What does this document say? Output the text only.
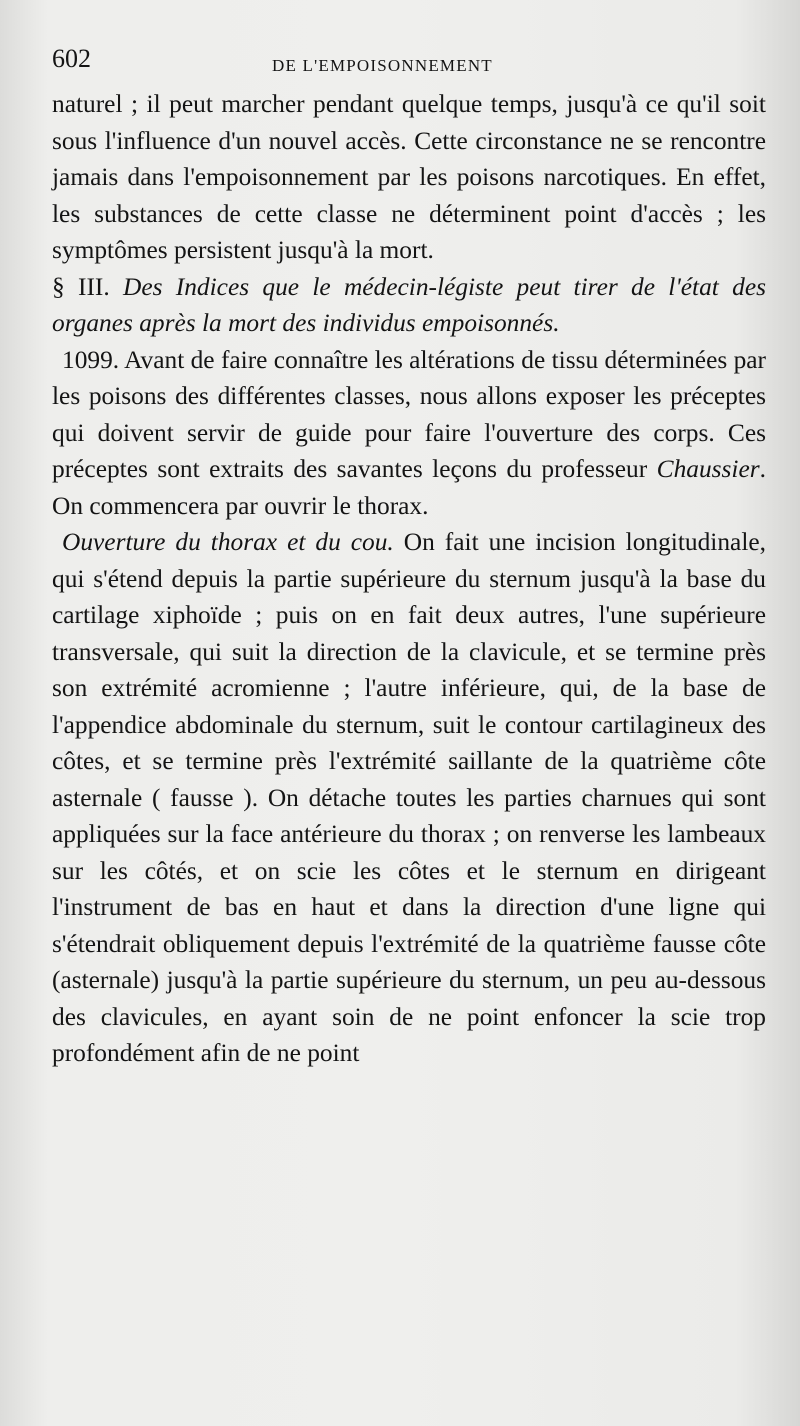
602	DE L'EMPOISONNEMENT

naturel ; il peut marcher pendant quelque temps, jusqu'à ce qu'il soit sous l'influence d'un nouvel accès. Cette circonstance ne se rencontre jamais dans l'empoisonnement par les poisons narcotiques. En effet, les substances de cette classe ne déterminent point d'accès ; les symptômes persistent jusqu'à la mort.

§ III. Des Indices que le médecin-légiste peut tirer de l'état des organes après la mort des individus empoisonnés.

1099. Avant de faire connaître les altérations de tissu déterminées par les poisons des différentes classes, nous allons exposer les préceptes qui doivent servir de guide pour faire l'ouverture des corps. Ces préceptes sont extraits des savantes leçons du professeur Chaussier. On commencera par ouvrir le thorax.

Ouverture du thorax et du cou. On fait une incision longitudinale, qui s'étend depuis la partie supérieure du sternum jusqu'à la base du cartilage xiphoïde ; puis on en fait deux autres, l'une supérieure transversale, qui suit la direction de la clavicule, et se termine près son extrémité acromienne ; l'autre inférieure, qui, de la base de l'appendice abdominale du sternum, suit le contour cartilagineux des côtes, et se termine près l'extrémité saillante de la quatrième côte asternale ( fausse ). On détache toutes les parties charnues qui sont appliquées sur la face antérieure du thorax ; on renverse les lambeaux sur les côtés, et on scie les côtes et le sternum en dirigeant l'instrument de bas en haut et dans la direction d'une ligne qui s'étendrait obliquement depuis l'extrémité de la quatrième fausse côte (asternale) jusqu'à la partie supérieure du sternum, un peu au-dessous des clavicules, en ayant soin de ne point enfoncer la scie trop profondément afin de ne point
